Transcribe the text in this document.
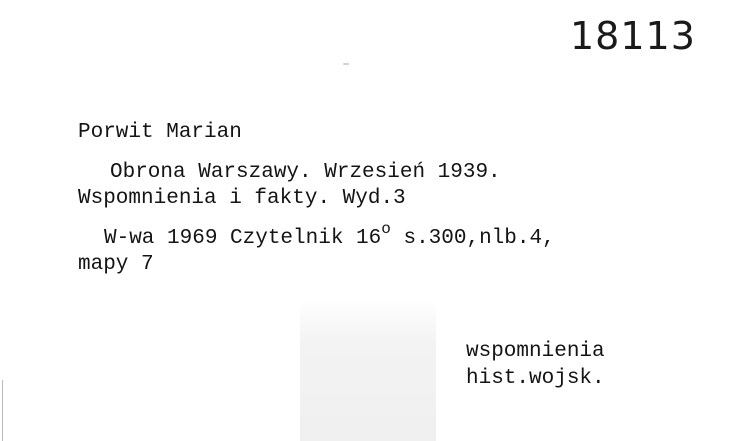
18113
Porwit Marian
Obrona Warszawy. Wrzesień 1939.
Wspomnienia i fakty. Wyd.3
W-wa 1969 Czytelnik 16$^o$ s.300,nlb.4,
mapy 7
wspomnienia
hist.wojsk.
